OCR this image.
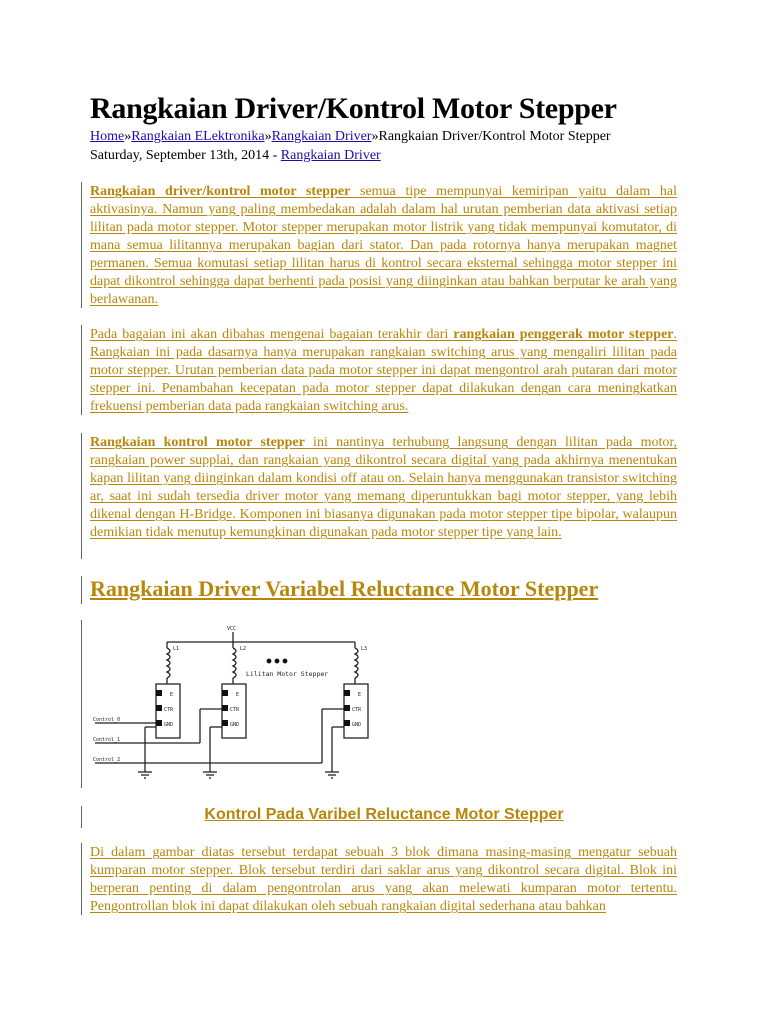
Rangkaian Driver/Kontrol Motor Stepper
Home»Rangkaian ELektronika»Rangkaian Driver»Rangkaian Driver/Kontrol Motor Stepper
Saturday, September 13th, 2014 - Rangkaian Driver
Rangkaian driver/kontrol motor stepper semua tipe mempunyai kemiripan yaitu dalam hal aktivasinya. Namun yang paling membedakan adalah dalam hal urutan pemberian data aktivasi setiap lilitan pada motor stepper. Motor stepper merupakan motor listrik yang tidak mempunyai komutator, di mana semua lilitannya merupakan bagian dari stator. Dan pada rotornya hanya merupakan magnet permanen. Semua komutasi setiap lilitan harus di kontrol secara eksternal sehingga motor stepper ini dapat dikontrol sehingga dapat berhenti pada posisi yang diinginkan atau bahkan berputar ke arah yang berlawanan.
Pada bagaian ini akan dibahas mengenai bagaian terakhir dari rangkaian penggerak motor stepper. Rangkaian ini pada dasarnya hanya merupakan rangkaian switching arus yang mengaliri lilitan pada motor stepper. Urutan pemberian data pada motor stepper ini dapat mengontrol arah putaran dari motor stepper ini. Penambahan kecepatan pada motor stepper dapat dilakukan dengan cara meningkatkan frekuensi pemberian data pada rangkaian switching arus.
Rangkaian kontrol motor stepper ini nantinya terhubung langsung dengan lilitan pada motor, rangkaian power supplai, dan rangkaian yang dikontrol secara digital yang pada akhirnya menentukan kapan lilitan yang diinginkan dalam kondisi off atau on. Selain hanya menggunakan transistor switching ar, saat ini sudah tersedia driver motor yang memang diperuntukkan bagi motor stepper, yang lebih dikenal dengan H-Bridge. Komponen ini biasanya digunakan pada motor stepper tipe bipolar, walaupun demikian tidak menutup kemungkinan digunakan pada motor stepper tipe yang lain.
Rangkaian Driver Variabel Reluctance Motor Stepper
VCC
L1	L2	L3
Lilitan Motor Stepper
E
CTR
GND
E
CTR
GND
E
CTR
GND
Control_0
Control_1
Control_2
Kontrol Pada Varibel Reluctance Motor Stepper
Di dalam gambar diatas tersebut terdapat sebuah 3 blok dimana masing-masing mengatur sebuah kumparan motor stepper. Blok tersebut terdiri dari saklar arus yang dikontrol secara digital. Blok ini berperan penting di dalam pengontrolan arus yang akan melewati kumparan motor tertentu. Pengontrollan blok ini dapat dilakukan oleh sebuah rangkaian digital sederhana atau bahkan
